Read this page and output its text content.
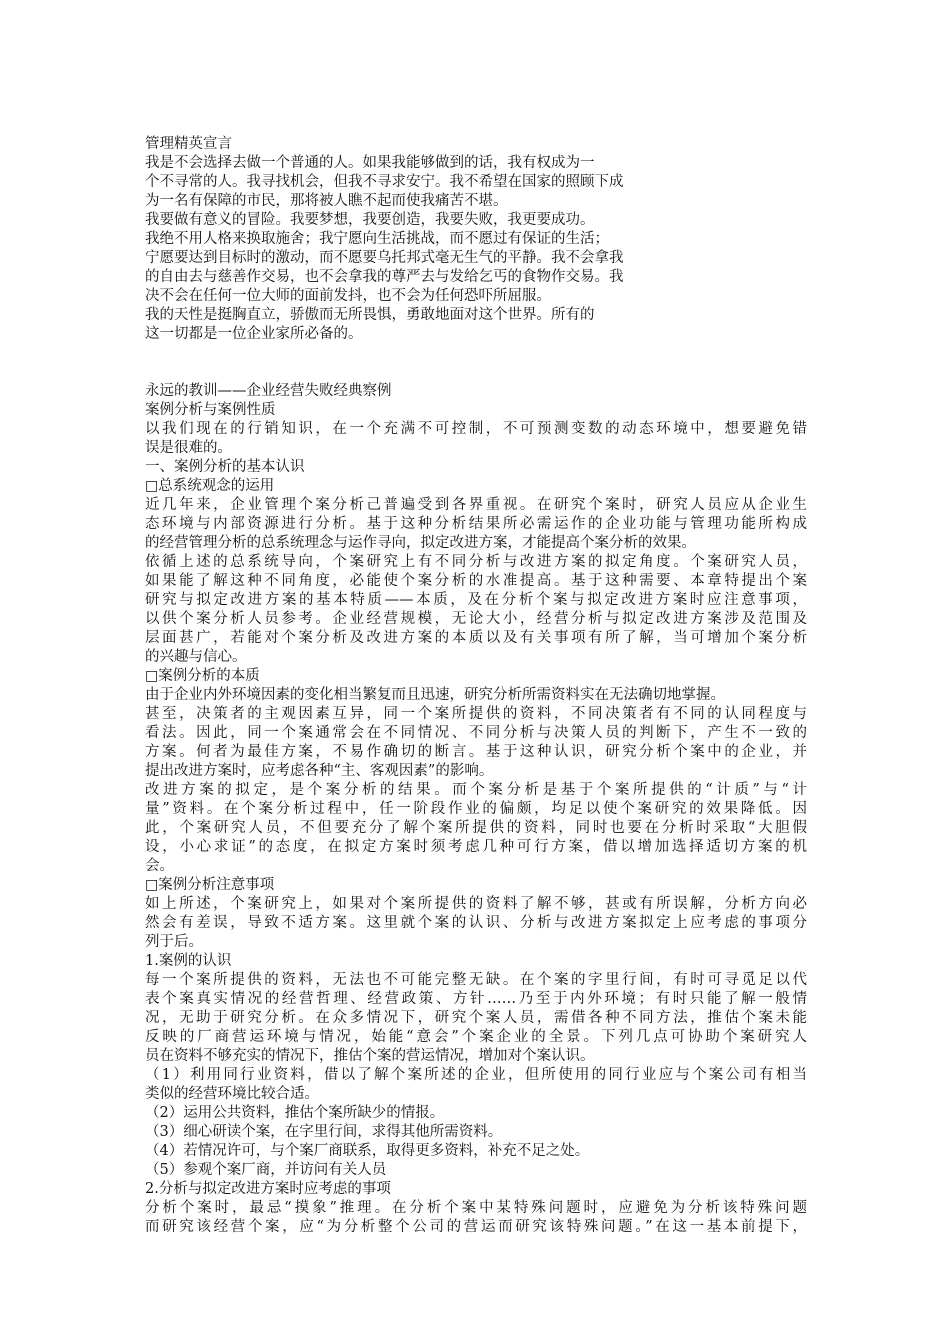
管理精英宣言
我是不会选择去做一个普通的人。如果我能够做到的话，我有权成为一
个不寻常的人。我寻找机会，但我不寻求安宁。我不希望在国家的照顾下成
为一名有保障的市民，那将被人瞧不起而使我痛苦不堪。
我要做有意义的冒险。我要梦想，我要创造，我要失败，我更要成功。
我绝不用人格来换取施舍；我宁愿向生活挑战，而不愿过有保证的生活；
宁愿要达到目标时的激动，而不愿要乌托邦式毫无生气的平静。我不会拿我
的自由去与慈善作交易，也不会拿我的尊严去与发给乞丐的食物作交易。我
决不会在任何一位大师的面前发抖，也不会为任何恐吓所屈服。
我的天性是挺胸直立，骄傲而无所畏惧，勇敢地面对这个世界。所有的
这一切都是一位企业家所必备的。
永远的教训——企业经营失败经典察例
案例分析与案例性质
以我们现在的行销知识，在一个充满不可控制，不可预测变数的动态环境中，想要避免错
误是很难的。
一、案例分析的基本认识
□ 总系统观念的运用
近几年来，企业管理个案分析己普遍受到各界重视。在研究个案时，研究人员应从企业生
态环境与内部资源进行分析。基于这种分析结果所必需运作的企业功能与管理功能所构成
的经营管理分析的总系统理念与运作寻向，拟定改进方案，才能提高个案分析的效果。
依循上述的总系统导向，个案研究上有不同分析与改进方案的拟定角度。个案研究人员，
如果能了解这种不同角度，必能使个案分析的水准提高。基于这种需要、本章特提出个案
研究与拟定改进方案的基本特质——本质，及在分析个案与拟定改进方案时应注意事项，
以供个案分析人员参考。企业经营规模，无论大小，经营分析与拟定改进方案涉及范围及
层面甚广，若能对个案分析及改进方案的本质以及有关事项有所了解，当可增加个案分析
的兴趣与信心。
□ 案例分析的本质
由于企业内外环境因素的变化相当繁复而且迅速，研究分析所需资料实在无法确切地掌握。
甚至，决策者的主观因素互异，同一个案所提供的资料，不同决策者有不同的认同程度与
看法。因此，同一个案通常会在不同情况、不同分析与决策人员的判断下，产生不一致的
方案。何者为最佳方案，不易作确切的断言。基于这种认识，研究分析个案中的企业，并
提出改进方案时，应考虑各种“主、客观因素”的影响。
改进方案的拟定，是个案分析的结果。而个案分析是基于个案所提供的“计质”与“计
量”资料。在个案分析过程中，任一阶段作业的偏颇，均足以使个案研究的效果降低。因
此，个案研究人员，不但要充分了解个案所提供的资料，同时也要在分析时采取“大胆假
设，小心求证”的态度，在拟定方案时须考虑几种可行方案，借以增加选择适切方案的机
会。
□ 案例分析注意事项
如上所述，个案研究上，如果对个案所提供的资料了解不够，甚或有所误解，分析方向必
然会有差误，导致不适方案。这里就个案的认识、分析与改进方案拟定上应考虑的事项分
列于后。
1.案例的认识
每一个案所提供的资料，无法也不可能完整无缺。在个案的字里行间，有时可寻觅足以代
表个案真实情况的经营哲理、经营政策、方针……乃至于内外环境；有时只能了解一般情
况，无助于研究分析。在众多情况下，研究个案人员，需借各种不同方法，推估个案未能
反映的厂商营运环境与情况，始能“意会”个案企业的全景。下列几点可协助个案研究人
员在资料不够充实的情况下，推估个案的营运情况，增加对个案认识。
（1）利用同行业资料，借以了解个案所述的企业，但所使用的同行业应与个案公司有相当
类似的经营环境比较合适。
（2）运用公共资料，推估个案所缺少的情报。
（3）细心研读个案，在字里行间，求得其他所需资料。
（4）若情况许可，与个案厂商联系，取得更多资料，补充不足之处。
（5）参观个案厂商，并访问有关人员
2.分析与拟定改进方案时应考虑的事项
分析个案时，最忌“摸象”推理。在分析个案中某特殊问题时，应避免为分析该特殊问题
而研究该经营个案，应“为分析整个公司的营运而研究该特殊问题。”在这一基本前提下，
